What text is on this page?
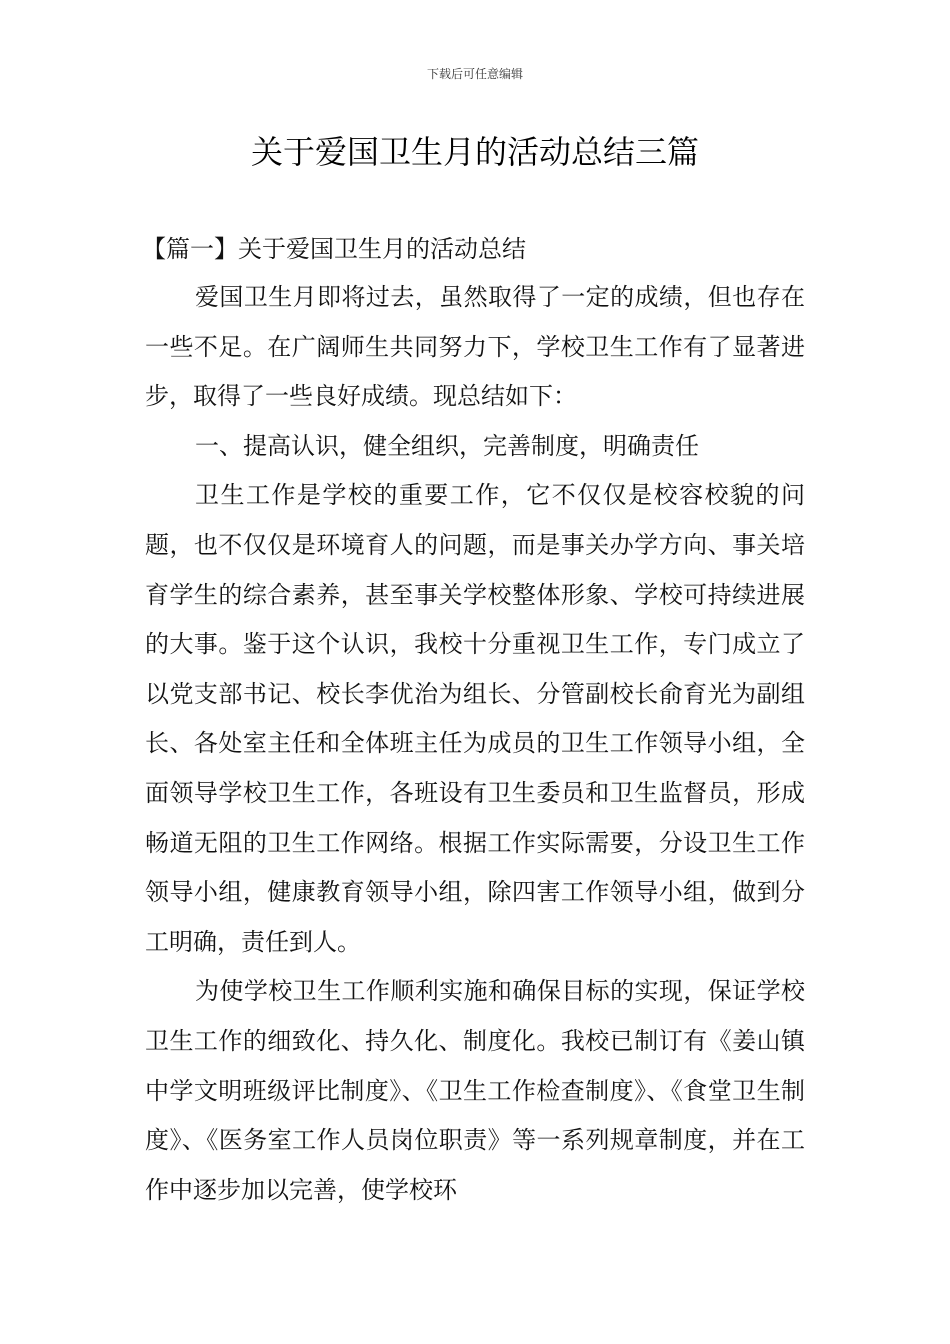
下载后可任意编辑
关于爱国卫生月的活动总结三篇
【篇一】关于爱国卫生月的活动总结

爱国卫生月即将过去，虽然取得了一定的成绩，但也存在一些不足。在广阔师生共同努力下，学校卫生工作有了显著进步，取得了一些良好成绩。现总结如下：

一、提高认识，健全组织，完善制度，明确责任

卫生工作是学校的重要工作，它不仅仅是校容校貌的问题，也不仅仅是环境育人的问题，而是事关办学方向、事关培育学生的综合素养，甚至事关学校整体形象、学校可持续进展的大事。鉴于这个认识，我校十分重视卫生工作，专门成立了以党支部书记、校长李优治为组长、分管副校长俞育光为副组长、各处室主任和全体班主任为成员的卫生工作领导小组，全面领导学校卫生工作，各班设有卫生委员和卫生监督员，形成畅道无阻的卫生工作网络。根据工作实际需要，分设卫生工作领导小组，健康教育领导小组，除四害工作领导小组，做到分工明确，责任到人。

为使学校卫生工作顺利实施和确保目标的实现，保证学校卫生工作的细致化、持久化、制度化。我校已制订有《姜山镇中学文明班级评比制度》、《卫生工作检查制度》、《食堂卫生制度》、《医务室工作人员岗位职责》等一系列规章制度，并在工作中逐步加以完善，使学校环
